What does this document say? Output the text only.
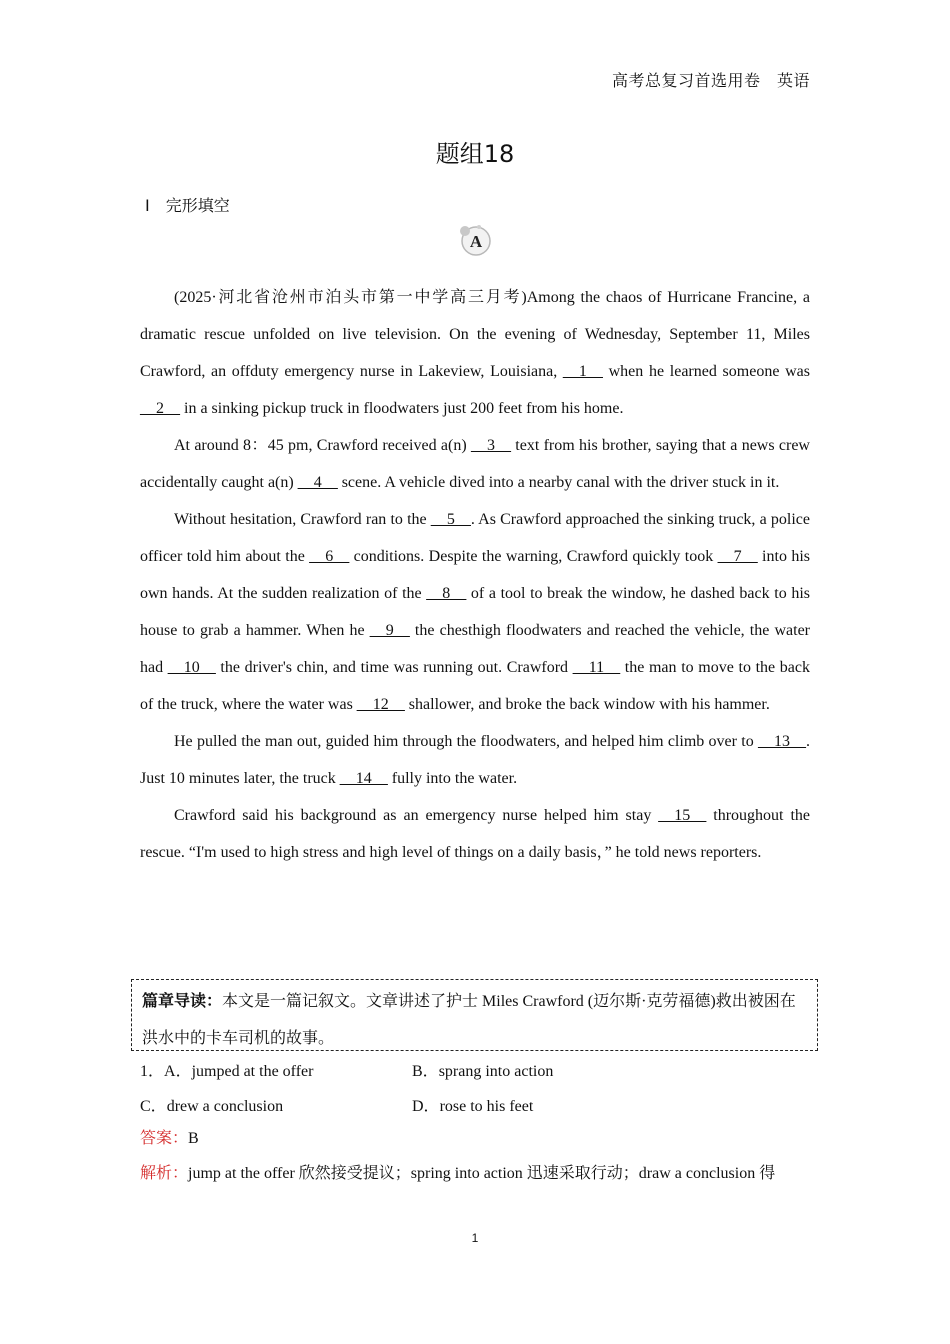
高考总复习首选用卷　英语
题组18
Ⅰ 完形填空
A

(2025·河北省沧州市泊头市第一中学高三月考)Among the chaos of Hurricane Francine, a dramatic rescue unfolded on live television. On the evening of Wednesday, September 11, Miles Crawford, an offduty emergency nurse in Lakeview, Louisiana, __1__ when he learned someone was __2__ in a sinking pickup truck in floodwaters just 200 feet from his home.

At around 8：45 pm, Crawford received a(n) __3__ text from his brother, saying that a news crew accidentally caught a(n) __4__ scene. A vehicle dived into a nearby canal with the driver stuck in it.

Without hesitation, Crawford ran to the __5__. As Crawford approached the sinking truck, a police officer told him about the __6__ conditions. Despite the warning, Crawford quickly took __7__ into his own hands. At the sudden realization of the __8__ of a tool to break the window, he dashed back to his house to grab a hammer. When he __9__ the chesthigh floodwaters and reached the vehicle, the water had __10__ the driver's chin, and time was running out. Crawford __11__ the man to move to the back of the truck, where the water was __12__ shallower, and broke the back window with his hammer.

He pulled the man out, guided him through the floodwaters, and helped him climb over to __13__. Just 10 minutes later, the truck __14__ fully into the water.

Crawford said his background as an emergency nurse helped him stay __15__ throughout the rescue. “I'm used to high stress and high level of things on a daily basis，” he told news reporters.

篇章导读：本文是一篇记叙文。文章讲述了护士 Miles Crawford (迈尔斯·克劳福德)救出被困在洪水中的卡车司机的故事。
1．A．jumped at the offer	B．sprang into action
C．drew a conclusion	D．rose to his feet
答案：B
解析：jump at the offer 欣然接受提议；spring into action 迅速采取行动；draw a conclusion 得
1
